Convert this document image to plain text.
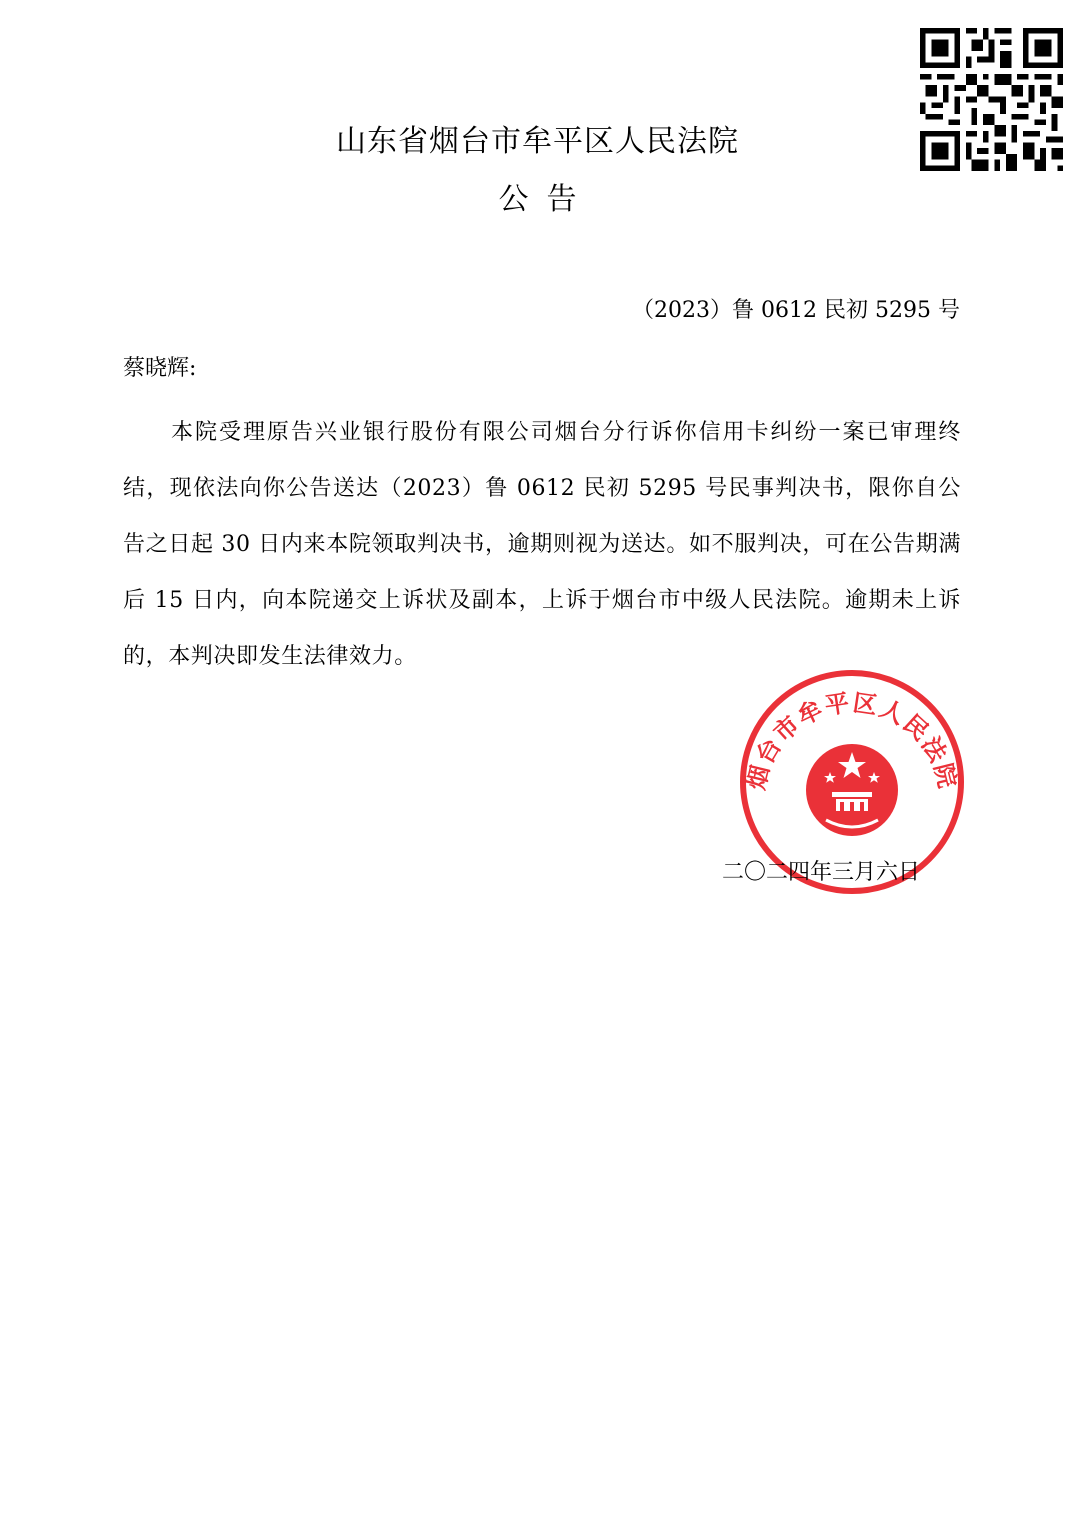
山东省烟台市牟平区人民法院
公告
（2023）鲁 0612 民初 5295 号
蔡晓辉:

本院受理原告兴业银行股份有限公司烟台分行诉你信用卡纠纷一案已审理终结，现依法向你公告送达（2023）鲁 0612 民初 5295 号民事判决书，限你自公告之日起 30 日内来本院领取判决书，逾期则视为送达。如不服判决，可在公告期满后 15 日内，向本院递交上诉状及副本，上诉于烟台市中级人民法院。逾期未上诉的，本判决即发生法律效力。

二〇二四年三月六日
烟台市牟平区人民法院
